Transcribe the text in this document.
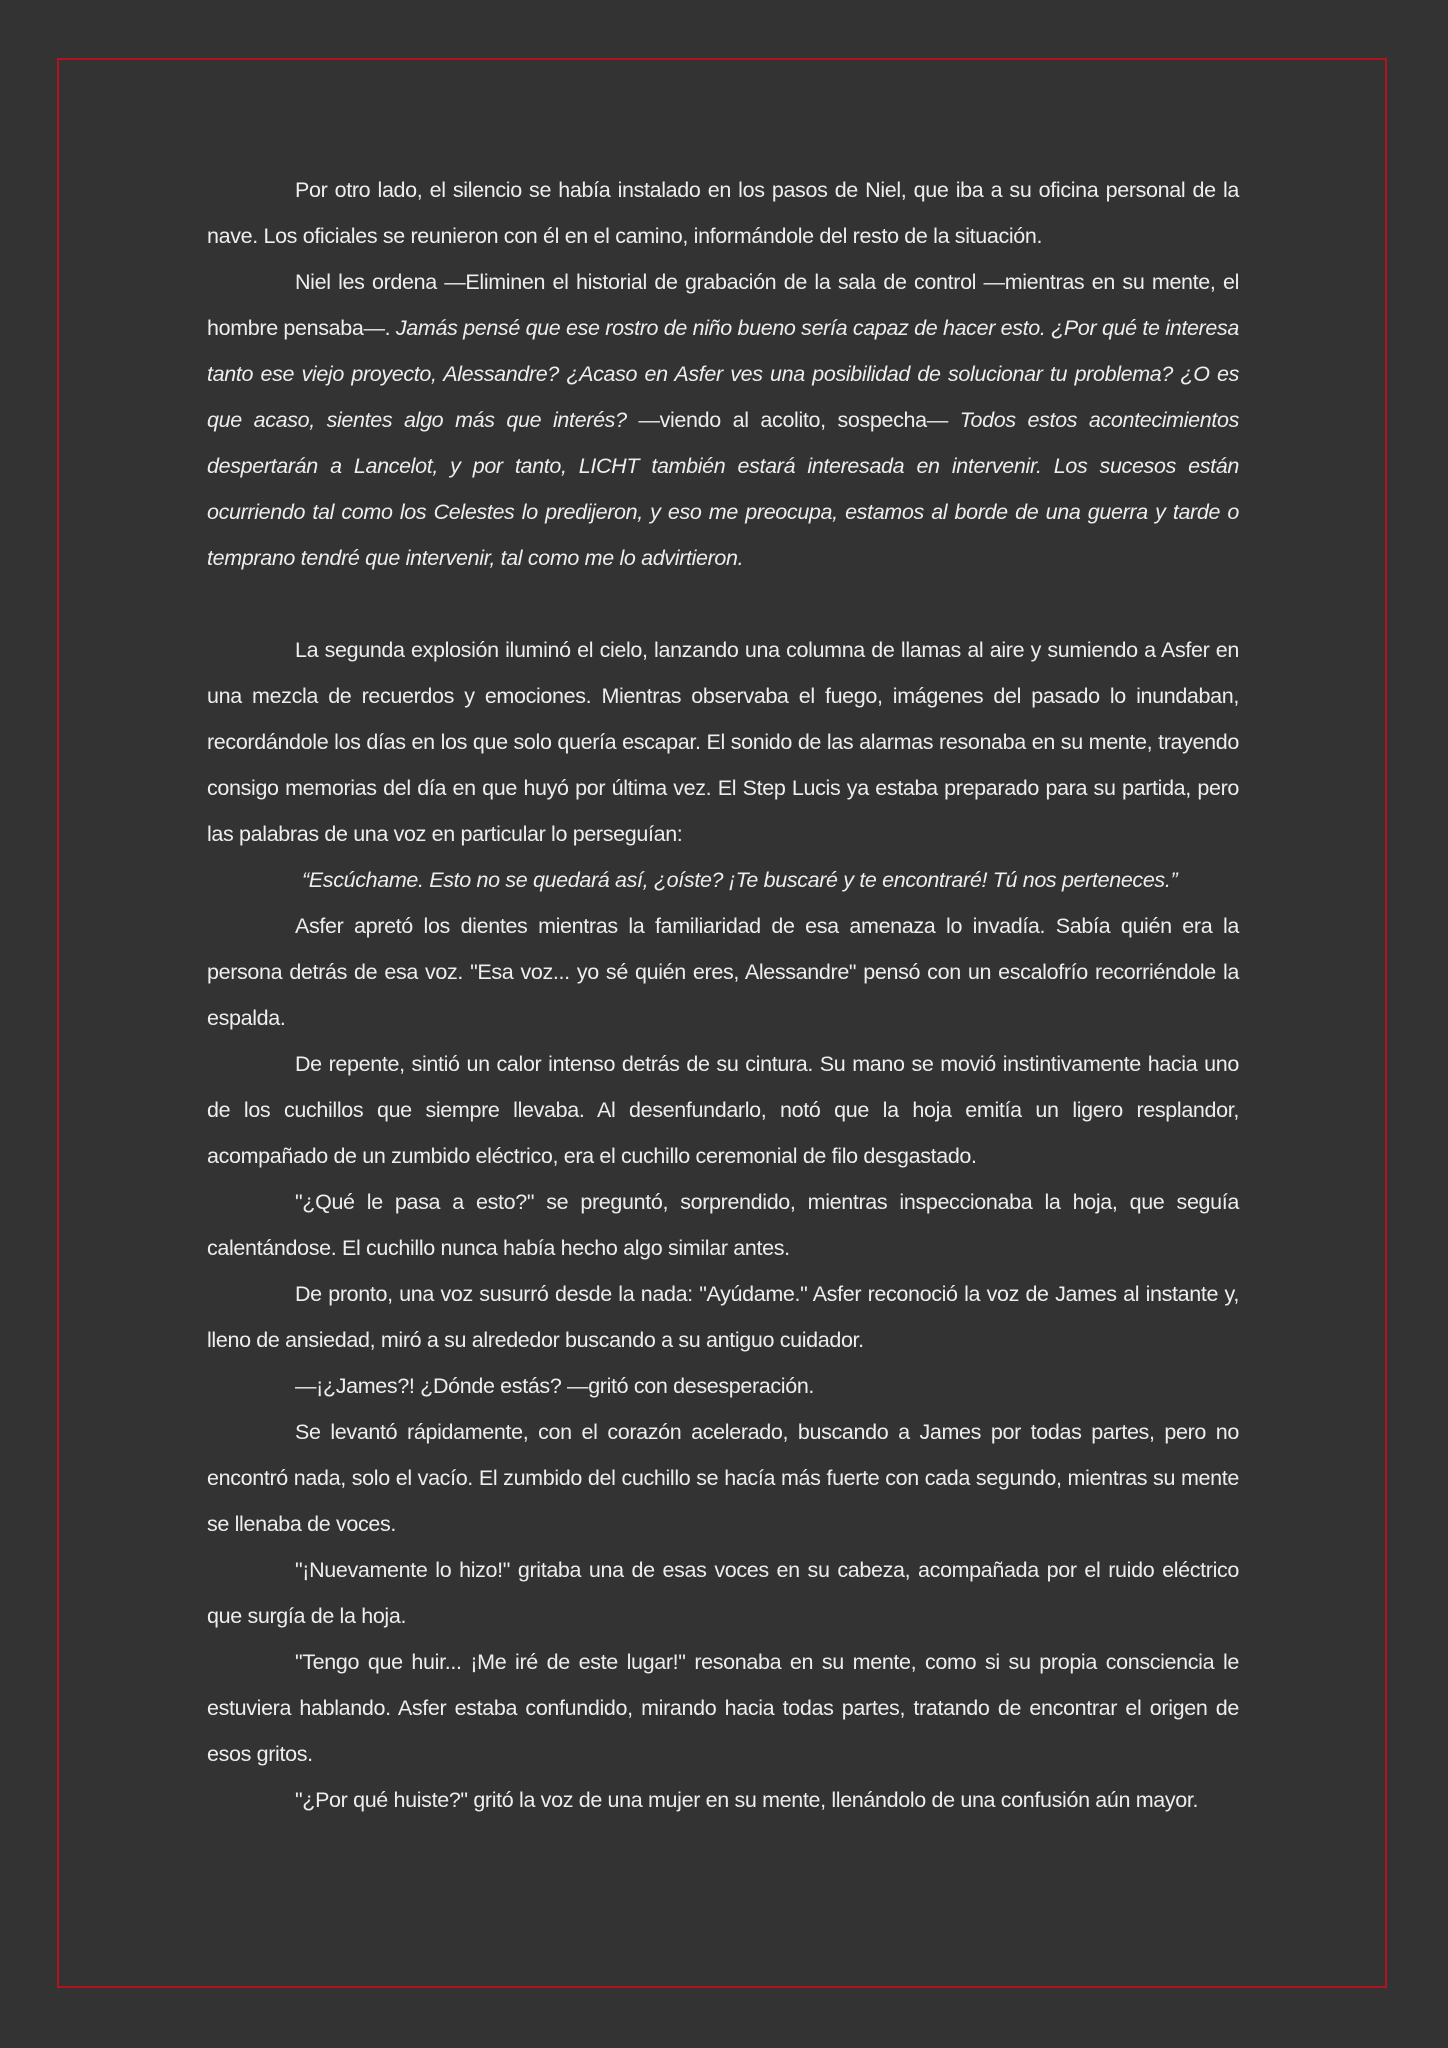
Por otro lado, el silencio se había instalado en los pasos de Niel, que iba a su oficina personal de la nave. Los oficiales se reunieron con él en el camino, informándole del resto de la situación.

Niel les ordena —Eliminen el historial de grabación de la sala de control —mientras en su mente, el hombre pensaba—. Jamás pensé que ese rostro de niño bueno sería capaz de hacer esto. ¿Por qué te interesa tanto ese viejo proyecto, Alessandre? ¿Acaso en Asfer ves una posibilidad de solucionar tu problema? ¿O es que acaso, sientes algo más que interés? —viendo al acolito, sospecha— Todos estos acontecimientos despertarán a Lancelot, y por tanto, LICHT también estará interesada en intervenir. Los sucesos están ocurriendo tal como los Celestes lo predijeron, y eso me preocupa, estamos al borde de una guerra y tarde o temprano tendré que intervenir, tal como me lo advirtieron.

La segunda explosión iluminó el cielo, lanzando una columna de llamas al aire y sumiendo a Asfer en una mezcla de recuerdos y emociones. Mientras observaba el fuego, imágenes del pasado lo inundaban, recordándole los días en los que solo quería escapar. El sonido de las alarmas resonaba en su mente, trayendo consigo memorias del día en que huyó por última vez. El Step Lucis ya estaba preparado para su partida, pero las palabras de una voz en particular lo perseguían:

“Escúchame. Esto no se quedará así, ¿oíste? ¡Te buscaré y te encontraré! Tú nos perteneces.”

Asfer apretó los dientes mientras la familiaridad de esa amenaza lo invadía. Sabía quién era la persona detrás de esa voz. "Esa voz... yo sé quién eres, Alessandre" pensó con un escalofrío recorriéndole la espalda.

De repente, sintió un calor intenso detrás de su cintura. Su mano se movió instintivamente hacia uno de los cuchillos que siempre llevaba. Al desenfundarlo, notó que la hoja emitía un ligero resplandor, acompañado de un zumbido eléctrico, era el cuchillo ceremonial de filo desgastado.

"¿Qué le pasa a esto?" se preguntó, sorprendido, mientras inspeccionaba la hoja, que seguía calentándose. El cuchillo nunca había hecho algo similar antes.

De pronto, una voz susurró desde la nada: "Ayúdame." Asfer reconoció la voz de James al instante y, lleno de ansiedad, miró a su alrededor buscando a su antiguo cuidador.

—¡¿James?! ¿Dónde estás? —gritó con desesperación.

Se levantó rápidamente, con el corazón acelerado, buscando a James por todas partes, pero no encontró nada, solo el vacío. El zumbido del cuchillo se hacía más fuerte con cada segundo, mientras su mente se llenaba de voces.

"¡Nuevamente lo hizo!" gritaba una de esas voces en su cabeza, acompañada por el ruido eléctrico que surgía de la hoja.

"Tengo que huir... ¡Me iré de este lugar!" resonaba en su mente, como si su propia consciencia le estuviera hablando. Asfer estaba confundido, mirando hacia todas partes, tratando de encontrar el origen de esos gritos.

"¿Por qué huiste?" gritó la voz de una mujer en su mente, llenándolo de una confusión aún mayor.
